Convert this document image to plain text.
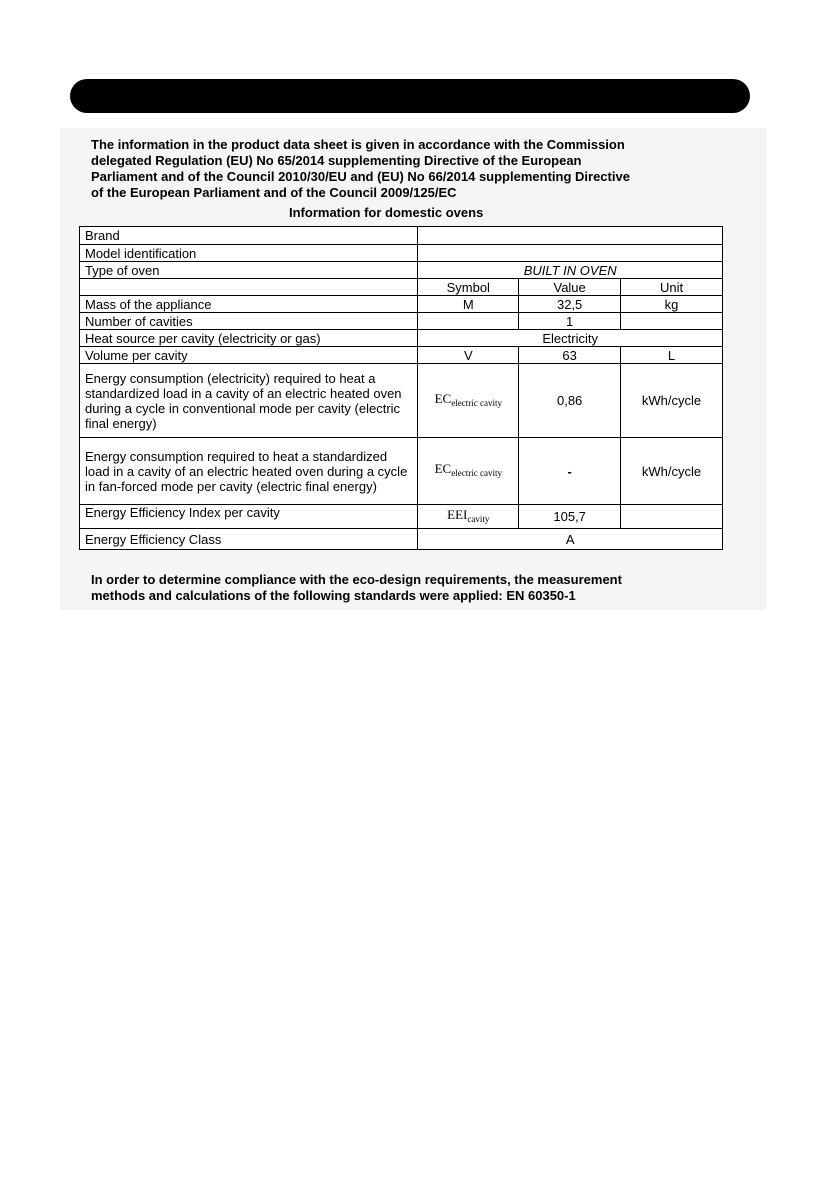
The information in the product data sheet is given in accordance with the Commission
delegated Regulation (EU) No 65/2014 supplementing Directive of the European
Parliament and of the Council 2010/30/EU and (EU) No 66/2014 supplementing Directive
of the European Parliament and of the Council 2009/125/EC
Information for domestic ovens
Brand			
Model identification			
Type of oven	BUILT IN OVEN		
	Symbol	Value	Unit
Mass of the appliance	M	32,5	kg
Number of cavities		1	
Heat source per cavity (electricity or gas)	Electricity		
Volume per cavity	V	63	L
Energy consumption (electricity) required to heat a standardized load in a cavity of an electric heated oven during a cycle in conventional mode per cavity (electric final energy)	$EC_{electric cavity}$	0,86	kWh/cycle
Energy consumption required to heat a standardized load in a cavity of an electric heated oven during a cycle in fan-forced mode per cavity (electric final energy)	$EC_{electric cavity}$	-	kWh/cycle
Energy Efficiency Index per cavity	$EEI_{cavity}$	105,7	
Energy Efficiency Class	A		
In order to determine compliance with the eco-design requirements, the measurement
methods and calculations of the following standards were applied: EN 60350-1
